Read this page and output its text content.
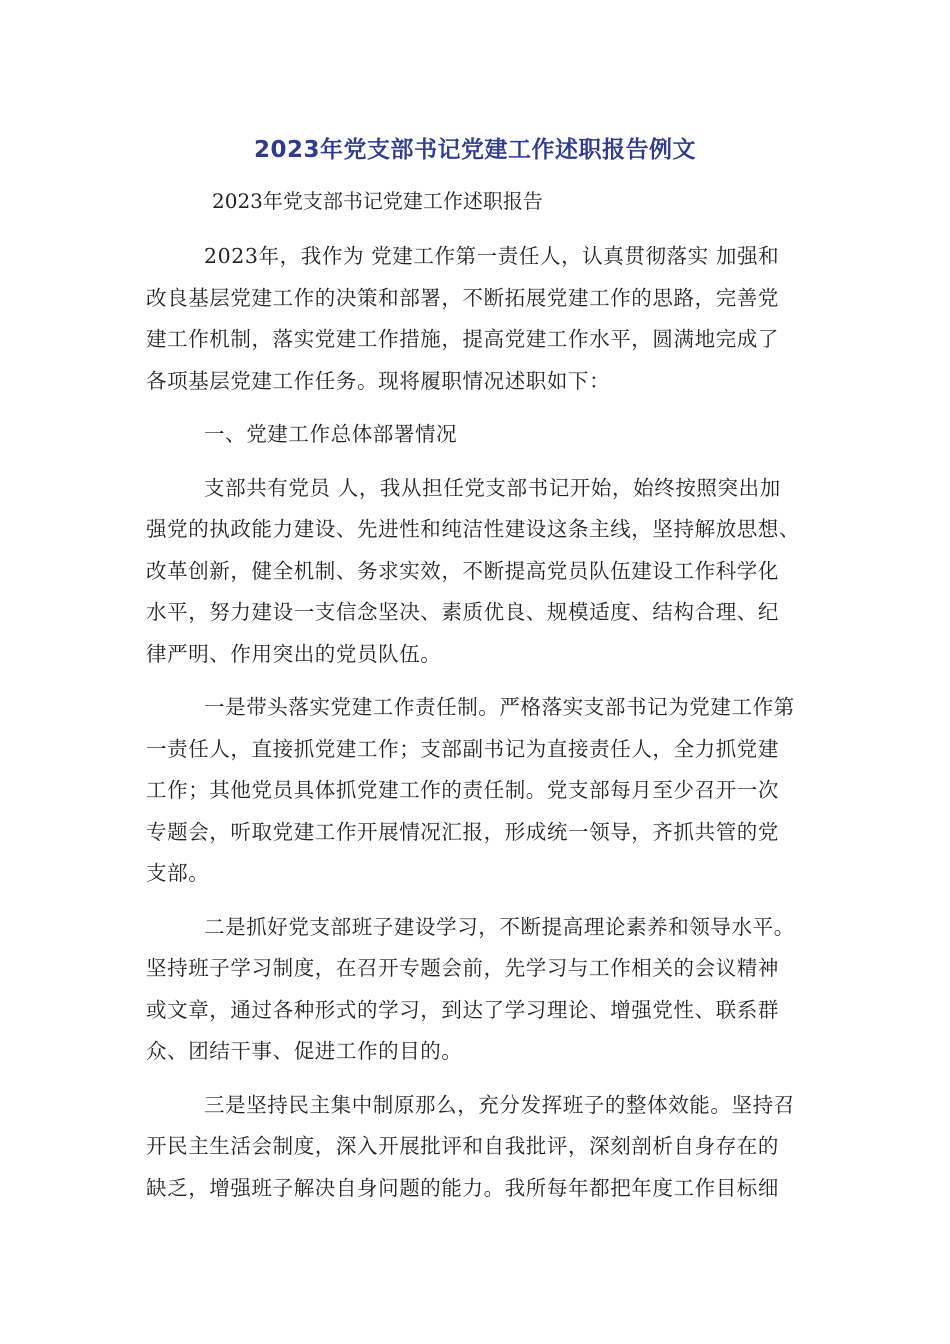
2023年党支部书记党建工作述职报告例文
2023年党支部书记党建工作述职报告
2023年，我作为 党建工作第一责任人，认真贯彻落实 加强和
改良基层党建工作的决策和部署，不断拓展党建工作的思路，完善党
建工作机制，落实党建工作措施，提高党建工作水平，圆满地完成了
各项基层党建工作任务。现将履职情况述职如下：
一、党建工作总体部署情况
支部共有党员 人，我从担任党支部书记开始，始终按照突出加
强党的执政能力建设、先进性和纯洁性建设这条主线，坚持解放思想、
改革创新，健全机制、务求实效，不断提高党员队伍建设工作科学化
水平，努力建设一支信念坚决、素质优良、规模适度、结构合理、纪
律严明、作用突出的党员队伍。
一是带头落实党建工作责任制。严格落实支部书记为党建工作第
一责任人，直接抓党建工作；支部副书记为直接责任人，全力抓党建
工作；其他党员具体抓党建工作的责任制。党支部每月至少召开一次
专题会，听取党建工作开展情况汇报，形成统一领导，齐抓共管的党
支部。
二是抓好党支部班子建设学习，不断提高理论素养和领导水平。
坚持班子学习制度，在召开专题会前，先学习与工作相关的会议精神
或文章，通过各种形式的学习，到达了学习理论、增强党性、联系群
众、团结干事、促进工作的目的。
三是坚持民主集中制原那么，充分发挥班子的整体效能。坚持召
开民主生活会制度，深入开展批评和自我批评，深刻剖析自身存在的
缺乏，增强班子解决自身问题的能力。我所每年都把年度工作目标细
